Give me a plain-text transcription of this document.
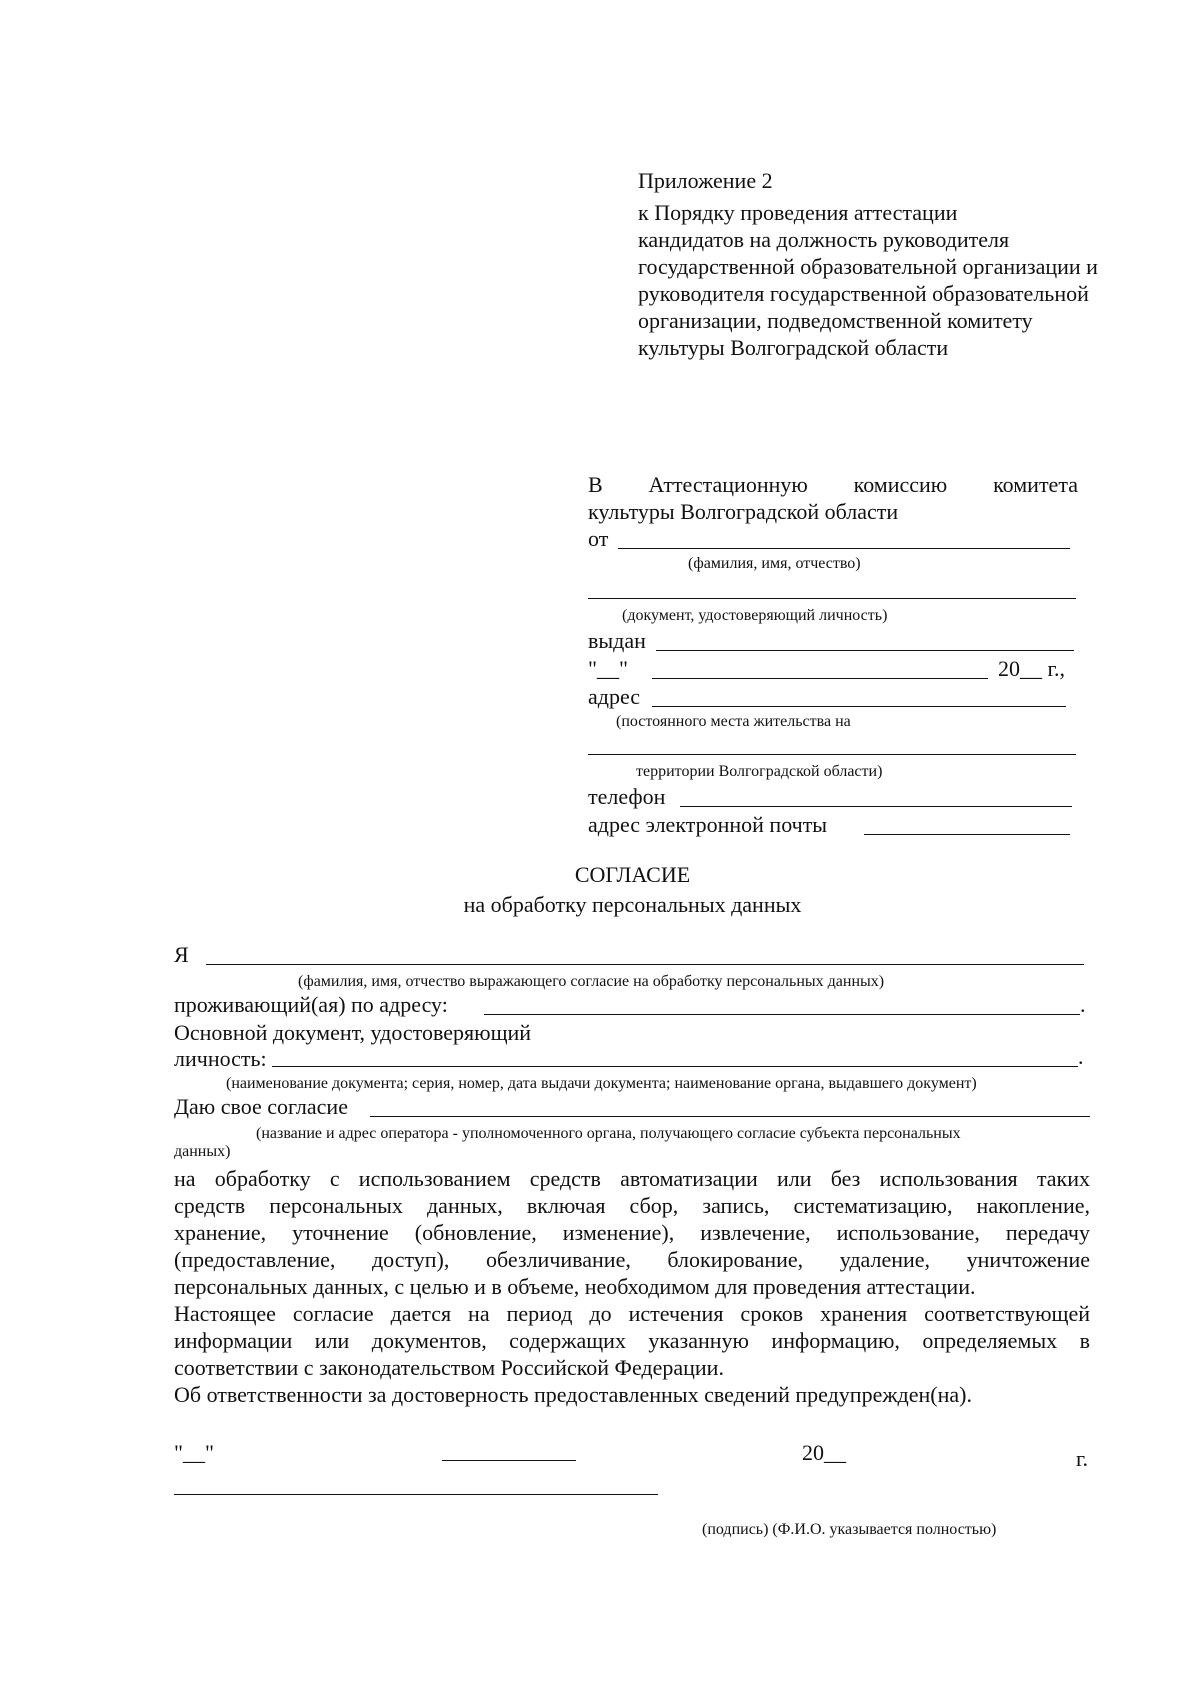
Приложение 2
к Порядку проведения аттестации
кандидатов на должность руководителя
государственной образовательной организации и
руководителя государственной образовательной
организации, подведомственной комитету
культуры Волгоградской области
В Аттестационную комиссию комитета
культуры Волгоградской области
от
(фамилия, имя, отчество)
(документ, удостоверяющий личность)
выдан
"__"	20__ г.,
адрес
(постоянного места жительства на
территории Волгоградской области)
телефон
адрес электронной почты
СОГЛАСИЕ
на обработку персональных данных
Я
(фамилия, имя, отчество выражающего согласие на обработку персональных данных)
проживающий(ая) по адресу:	.
Основной документ, удостоверяющий
личность:	.
(наименование документа; серия, номер, дата выдачи документа; наименование органа, выдавшего документ)
Даю свое согласие
(название и адрес оператора - уполномоченного органа, получающего согласие субъекта персональных
данных)
на обработку с использованием средств автоматизации или без использования таких
средств персональных данных, включая сбор, запись, систематизацию, накопление,
хранение, уточнение (обновление, изменение), извлечение, использование, передачу
(предоставление, доступ), обезличивание, блокирование, удаление, уничтожение
персональных данных, с целью и в объеме, необходимом для проведения аттестации.
Настоящее согласие дается на период до истечения сроков хранения соответствующей
информации или документов, содержащих указанную информацию, определяемых в
соответствии с законодательством Российской Федерации.
Об ответственности за достоверность предоставленных сведений предупрежден(на).
"__"	20__	г.
(подпись) (Ф.И.О. указывается полностью)
